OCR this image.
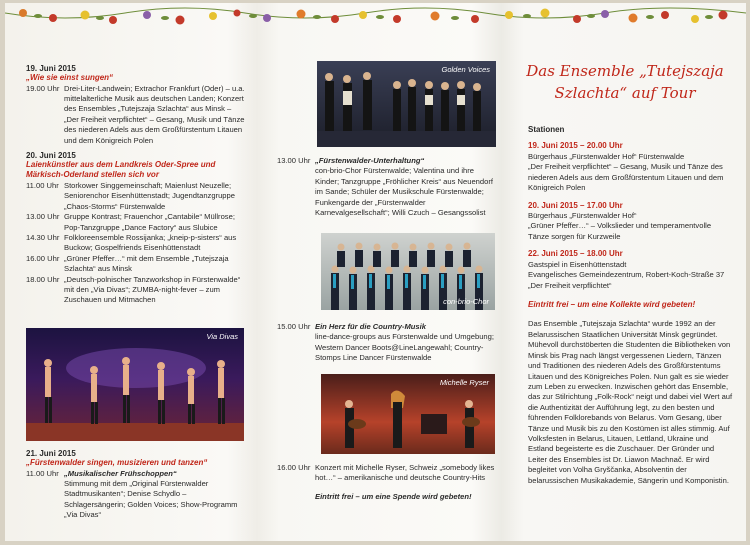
19. Juni 2015

„Wie sie einst sungen“

19.00 Uhr Drei-Liter-Landwein; Extrachor Frankfurt (Oder) – u.a. mittelalterliche Musik aus deutschen Landen; Konzert des Ensembles „Tutejszaja Szlachta“ aus Minsk – „Der Freiheit verpflichtet“ – Gesang, Musik und Tänze des niederen Adels aus dem Großfürstentum Litauen und dem Königreich Polen

20. Juni 2015

Laienkünstler aus dem Landkreis Oder-Spree und Märkisch-Oderland stellen sich vor

11.00 Uhr Storkower Singgemeinschaft; Maienlust Neuzelle; Seniorenchor Eisenhüttenstadt; Jugendtanzgruppe „Chaos-Storms“ Fürstenwalde
13.00 Uhr Gruppe Kontrast; Frauenchor „Cantabile“ Müllrose; Pop-Tanzgruppe „Dance Factory“ aus Slubice
14.30 Uhr Folkloreensemble Rossijanka; „kneip-p-sisters“ aus Buckow; Gospelfriends Eisenhüttenstadt
16.00 Uhr „Grüner Pfeffer…“ mit dem Ensemble „Tutejszaja Szlachta“ aus Minsk
18.00 Uhr „Deutsch-polnischer Tanzworkshop in Fürstenwalde“ mit den „Via Divas“; ZUMBA-night-fever – zum Zuschauen und Mitmachen
Via Divas

21. Juni 2015

„Fürstenwalder singen, musizieren und tanzen“

11.00 Uhr „Musikalischer Frühschoppen“
Stimmung mit dem „Original Fürstenwalder Stadtmusikanten“; Denise Schydlo – Schlagersängerin; Golden Voices; Show-Programm „Via Divas“
Golden Voices
13.00 Uhr „Fürstenwalder-Unterhaltung“
con-brio-Chor Fürstenwalde; Valentina und ihre Kinder; Tanzgruppe „Fröhlicher Kreis“ aus Neuendorf im Sande; Schüler der Musikschule Fürstenwalde; Funkengarde der „Fürstenwalder Karnevalgesellschaft“; Willi Czuch – Gesangssolist
con-brio-Chor
15.00 Uhr Ein Herz für die Country-Musik
line-dance-groups aus Fürstenwalde und Umgebung; Western Dancer Boots@LineLangewahl; Country-Stomps Line Dancer Fürstenwalde
Michelle Ryser
16.00 Uhr Konzert mit Michelle Ryser, Schweiz „somebody likes hot…“ – amerikanische und deutsche Country-Hits

Eintritt frei – um eine Spende wird gebeten!

Das Ensemble „Tutejszaja
Szlachta“ auf Tour

Stationen

19. Juni 2015 – 20.00 Uhr

Bürgerhaus „Fürstenwalder Hof“ Fürstenwalde

„Der Freiheit verpflichtet“ – Gesang, Musik und Tänze des niederen Adels aus dem Großfürstentum Litauen und dem Königreich Polen

20. Juni 2015 – 17.00 Uhr

Bürgerhaus „Fürstenwalder Hof“

„Grüner Pfeffer…“ – Volkslieder und temperamentvolle Tänze sorgen für Kurzweile

22. Juni 2015 – 18.00 Uhr

Gastspiel in Eisenhüttenstadt

Evangelisches Gemeindezentrum, Robert-Koch-Straße 37

„Der Freiheit verpflichtet“

Eintritt frei – um eine Kollekte wird gebeten!

Das Ensemble „Tutejszaja Szlachta“ wurde 1992 an der Belarussischen Staatlichen Universität Minsk gegründet. Mühevoll durchstöberten die Studenten die Bibliotheken von Minsk bis Prag nach längst vergessenen Liedern, Tänzen und Traditionen des niederen Adels des Großfürstentums Litauen und des Königreiches Polen. Nun galt es sie wieder zum Leben zu erwecken. Inzwischen gehört das Ensemble, das zur Stilrichtung „Folk-Rock“ neigt und dabei viel Wert auf die Authentizität der Aufführung legt, zu den besten und führenden Folklorebands von Belarus. Vom Gesang, über Tänze und Musik bis zu den Kostümen ist alles stimmig. Auf Volksfesten in Belarus, Litauen, Lettland, Ukraine und Estland begeisterte es die Zuschauer. Der Gründer und Leiter des Ensembles ist Dr. Liawon Machnač. Er wird begleitet von Volha Gryščanka, Absolventin der belarussischen Musikakademie, Sängerin und Komponistin.
